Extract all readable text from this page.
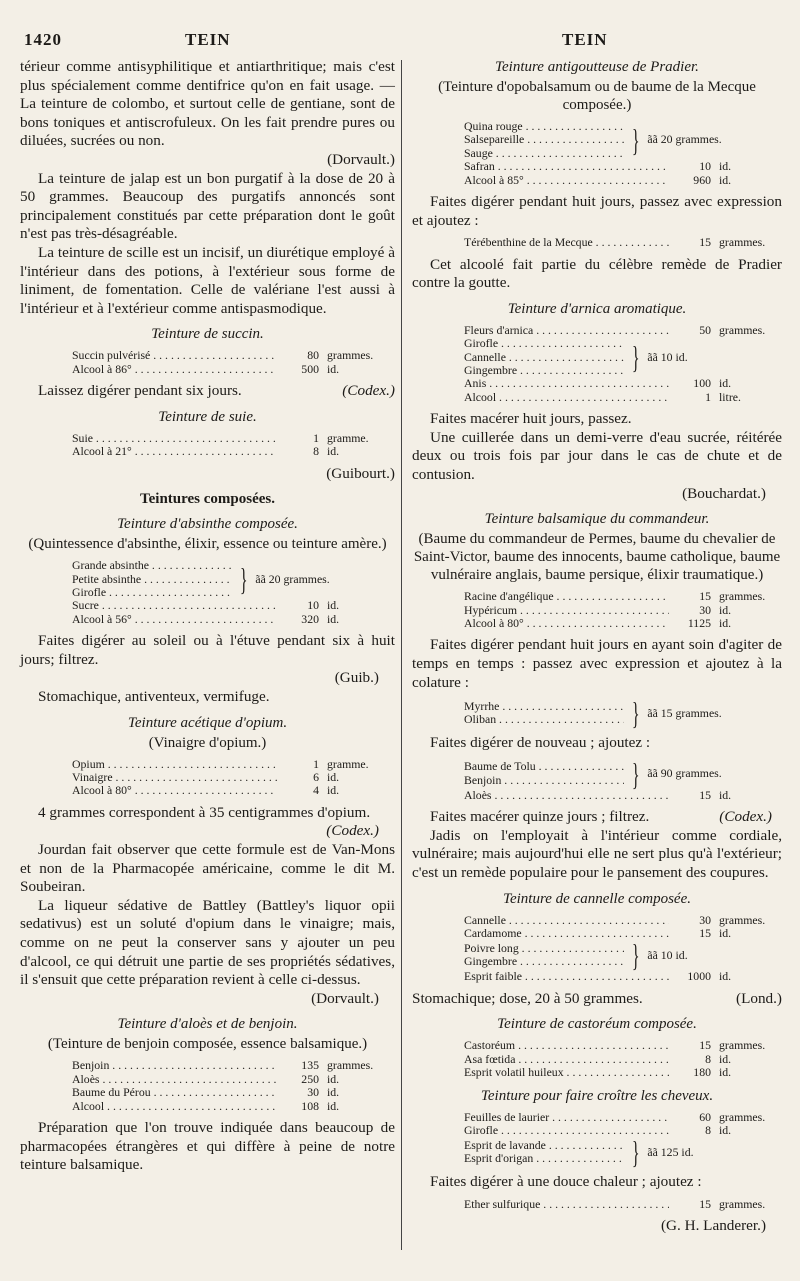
1420	TEIN	TEIN

térieur comme antisyphilitique et antiarthritique; mais c'est plus spécialement comme dentifrice qu'on en fait usage. — La teinture de colombo, et surtout celle de gentiane, sont de bons toniques et antiscrofuleux. On les fait prendre pures ou diluées, sucrées ou non.

(Dorvault.)

La teinture de jalap est un bon purgatif à la dose de 20 à 50 grammes. Beaucoup des purgatifs annoncés sont principalement constitués par cette préparation dont le goût n'est pas très-désagréable.

La teinture de scille est un incisif, un diurétique employé à l'intérieur dans des potions, à l'extérieur sous forme de liniment, de fomentation. Celle de valériane l'est aussi à l'intérieur et à l'extérieur comme antispasmodique.

Teinture de succin.
Succin pulvérisé . . .	80 grammes.
Alcool à 86° . . .	500 id.

Laissez digérer pendant six jours.	(Codex.)

Teinture de suie.
Suie . . .	1 gramme.
Alcool à 21° . . .	8 id.

(Guibourt.)

Teintures composées.
Teinture d'absinthe composée.
(Quintessence d'absinthe, élixir, essence ou teinture amère.)
Grande absinthe . . .
Petite absinthe . . .
Girofle . . .	} ãã 20 grammes.
Sucre . . .	10 id.
Alcool à 56° . . .	320 id.

Faites digérer au soleil ou à l'étuve pendant six à huit jours; filtrez.

(Guib.)

Stomachique, antiventeux, vermifuge.

Teinture acétique d'opium.
(Vinaigre d'opium.)
Opium . . .	1 gramme.
Vinaigre . . .	6 id.
Alcool à 80° . . .	4 id.

4 grammes correspondent à 35 centigrammes d'opium.

(Codex.)

Jourdan fait observer que cette formule est de Van-Mons et non de la Pharmacopée américaine, comme le dit M. Soubeiran.

La liqueur sédative de Battley (Battley's liquor opii sedativus) est un soluté d'opium dans le vinaigre; mais, comme on ne peut la conserver sans y ajouter un peu d'alcool, ce qui détruit une partie de ses propriétés sédatives, il s'ensuit que cette préparation revient à celle ci-dessus.

(Dorvault.)

Teinture d'aloès et de benjoin.
(Teinture de benjoin composée, essence balsamique.)
Benjoin . . .	135 grammes.
Aloès . . .	250 id.
Baume du Pérou . . .	30 id.
Alcool . . .	108 id.

Préparation que l'on trouve indiquée dans beaucoup de pharmacopées étrangères et qui diffère à peine de notre teinture balsamique.

Teinture antigoutteuse de Pradier.
(Teinture d'opobalsamum ou de baume de la Mecque composée.)
Quina rouge . . .
Salsepareille . . .
Sauge . . .	} ãã 20 grammes.
Safran . . .	10 id.
Alcool à 85° . . .	960 id.

Faites digérer pendant huit jours, passez avec expression et ajoutez :

Térébenthine de la Mecque . . .	15 grammes.

Cet alcoolé fait partie du célèbre remède de Pradier contre la goutte.

Teinture d'arnica aromatique.
Fleurs d'arnica . . .	50 grammes.
Girofle . . .
Cannelle . . .
Gingembre . . .	} ãã 10 id.
Anis . . .	100 id.
Alcool . . .	1 litre.

Faites macérer huit jours, passez.

Une cuillerée dans un demi-verre d'eau sucrée, réitérée deux ou trois fois par jour dans le cas de chute et de contusion.

(Bouchardat.)

Teinture balsamique du commandeur.
(Baume du commandeur de Permes, baume du chevalier de Saint-Victor, baume des innocents, baume catholique, baume vulnéraire anglais, baume persique, élixir traumatique.)
Racine d'angélique . . .	15 grammes.
Hypéricum . . .	30 id.
Alcool à 80° . . .	1125 id.

Faites digérer pendant huit jours en ayant soin d'agiter de temps en temps : passez avec expression et ajoutez à la colature :

Myrrhe . . .
Oliban . . .	} ãã 15 grammes.

Faites digérer de nouveau ; ajoutez :

Baume de Tolu . . .
Benjoin . . .	} ãã 90 grammes.
Aloès . . .	15 id.

Faites macérer quinze jours ; filtrez.	(Codex.)

Jadis on l'employait à l'intérieur comme cordiale, vulnéraire; mais aujourd'hui elle ne sert plus qu'à l'extérieur; c'est un remède populaire pour le pansement des coupures.

Teinture de cannelle composée.
Cannelle . . .	30 grammes.
Cardamome . . .	15 id.
Poivre long . . .
Gingembre . . .	} ãã 10 id.
Esprit faible . . .	1000 id.

Stomachique; dose, 20 à 50 grammes.	(Lond.)

Teinture de castoréum composée.
Castoréum . . .	15 grammes.
Asa fœtida . . .	8 id.
Esprit volatil huileux . . .	180 id.
Teinture pour faire croître les cheveux.
Feuilles de laurier . . .	60 grammes.
Girofle . . .	8 id.
Esprit de lavande . . .
Esprit d'origan . . .	} ãã 125 id.

Faites digérer à une douce chaleur ; ajoutez :

Ether sulfurique . . .	15 grammes.

(G. H. Landerer.)
